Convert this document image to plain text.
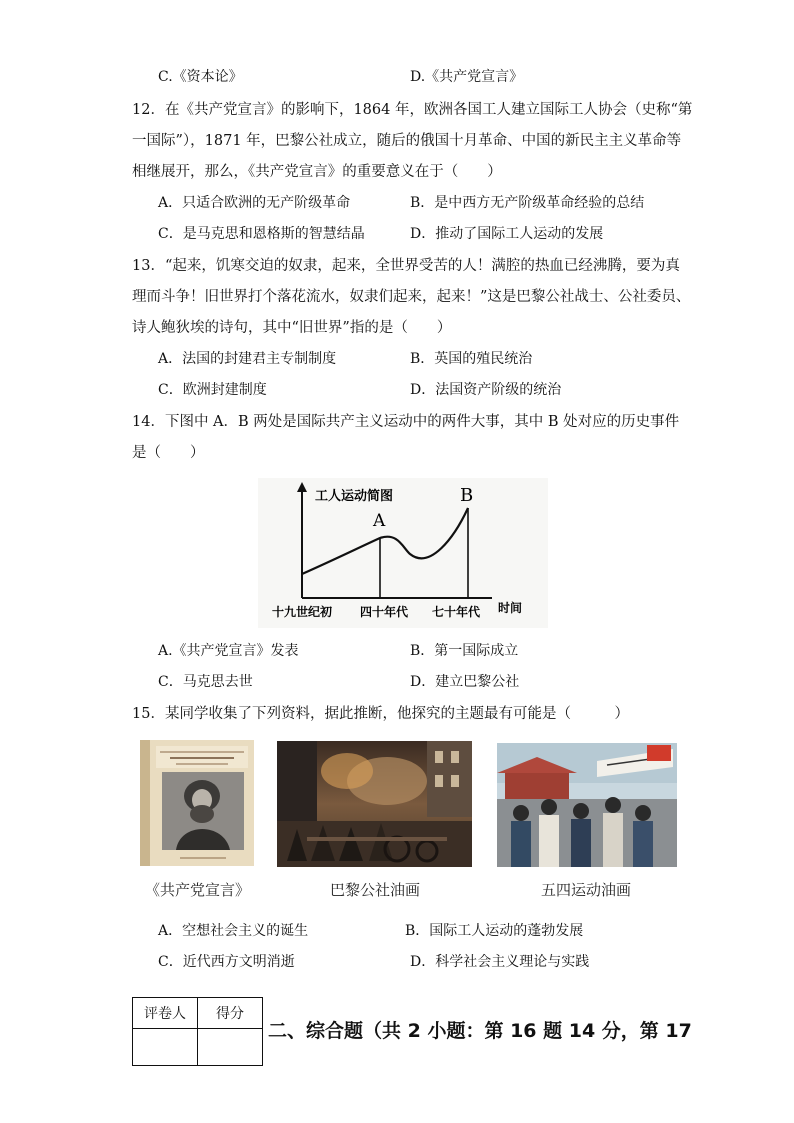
C.《资本论》	D.《共产党宣言》
12．在《共产党宣言》的影响下，1864 年，欧洲各国工人建立国际工人协会（史称“第
一国际”），1871 年，巴黎公社成立，随后的俄国十月革命、中国的新民主主义革命等
相继展开，那么，《共产党宣言》的重要意义在于（　　）
A．只适合欧洲的无产阶级革命	B．是中西方无产阶级革命经验的总结
C．是马克思和恩格斯的智慧结晶	D．推动了国际工人运动的发展
13．“起来，饥寒交迫的奴隶，起来，全世界受苦的人！满腔的热血已经沸腾，要为真
理而斗争！旧世界打个落花流水，奴隶们起来，起来！”这是巴黎公社战士、公社委员、
诗人鲍狄埃的诗句，其中“旧世界”指的是（　　）
A．法国的封建君主专制制度	B．英国的殖民统治
C．欧洲封建制度	D．法国资产阶级的统治
14．下图中 A．B 两处是国际共产主义运动中的两件大事，其中 B 处对应的历史事件
是（　　）
工人运动简图
A
B
十九世纪初 四十年代 七十年代 时间
A.《共产党宣言》发表	B．第一国际成立
C．马克思去世	D．建立巴黎公社
15．某同学收集了下列资料，据此推断，他探究的主题最有可能是（　　　）
《共产党宣言》	巴黎公社油画	五四运动油画
A．空想社会主义的诞生	B．国际工人运动的蓬勃发展
C．近代西方文明消逝	D．科学社会主义理论与实践
评卷人	得分

二、综合题（共 2 小题：第 16 题 14 分，第 17
